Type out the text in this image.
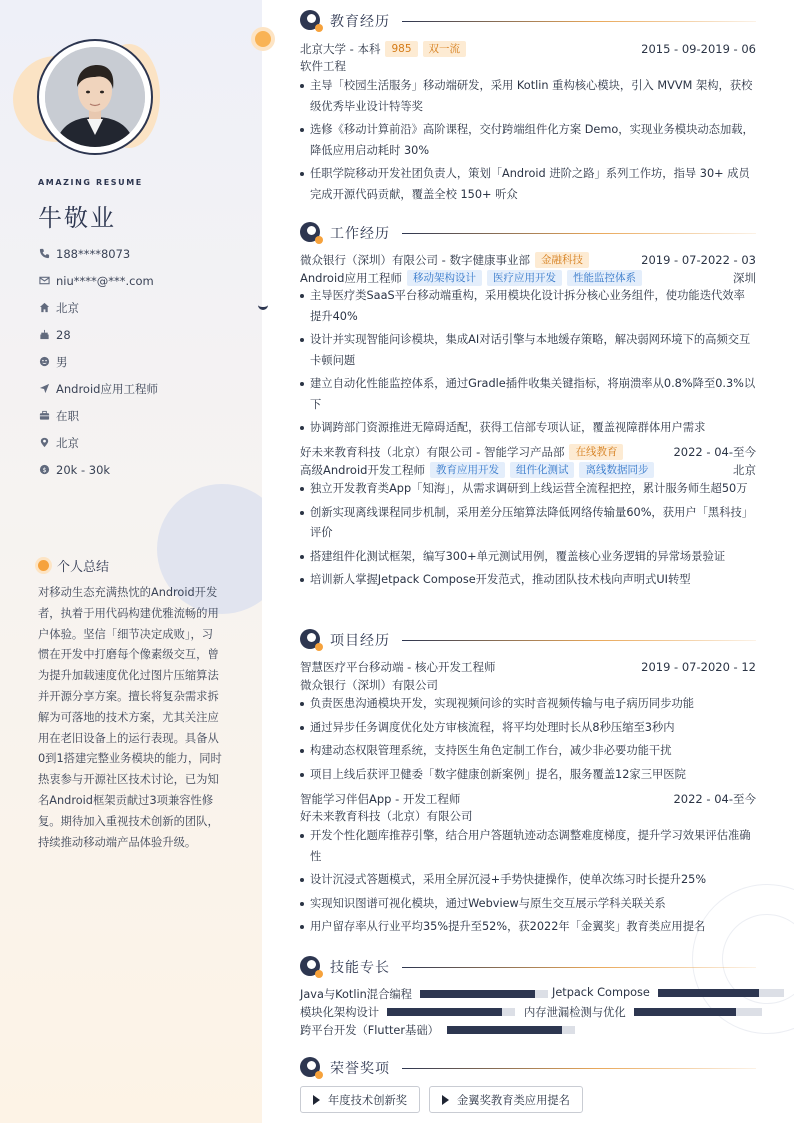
AMAZING RESUME
牛敬业
188****8073
niu****@***.com
北京
28
男
Android应用工程师
在职
北京
$ 20k - 30k
个人总结
对移动生态充满热忱的Android开发者，执着于用代码构建优雅流畅的用户体验。坚信「细节决定成败」，习惯在开发中打磨每个像素级交互，曾为提升加载速度优化过图片压缩算法并开源分享方案。擅长将复杂需求拆解为可落地的技术方案，尤其关注应用在老旧设备上的运行表现。具备从0到1搭建完整业务模块的能力，同时热衷参与开源社区技术讨论，已为知名Android框架贡献过3项兼容性修复。期待加入重视技术创新的团队，持续推动移动端产品体验升级。
教育经历
北京大学 - 本科	985	双一流	2015 - 09-2019 - 06
软件工程
主导「校园生活服务」移动端研发，采用 Kotlin 重构核心模块，引入 MVVM 架构，获校级优秀毕业设计特等奖
选修《移动计算前沿》高阶课程，交付跨端组件化方案 Demo，实现业务模块动态加载，降低应用启动耗时 30%
任职学院移动开发社团负责人，策划「Android 进阶之路」系列工作坊，指导 30+ 成员完成开源代码贡献，覆盖全校 150+ 听众
工作经历
微众银行（深圳）有限公司 - 数字健康事业部	金融科技	2019 - 07-2022 - 03
Android应用工程师	移动架构设计	医疗应用开发	性能监控体系	深圳
主导医疗类SaaS平台移动端重构，采用模块化设计拆分核心业务组件，使功能迭代效率提升40%
设计并实现智能问诊模块，集成AI对话引擎与本地缓存策略，解决弱网环境下的高频交互卡顿问题
建立自动化性能监控体系，通过Gradle插件收集关键指标，将崩溃率从0.8%降至0.3%以下
协调跨部门资源推进无障碍适配，获得工信部专项认证，覆盖视障群体用户需求
好未来教育科技（北京）有限公司 - 智能学习产品部	在线教育	2022 - 04-至今
高级Android开发工程师	教育应用开发	组件化测试	离线数据同步	北京
独立开发教育类App「知海」，从需求调研到上线运营全流程把控，累计服务师生超50万
创新实现离线课程同步机制，采用差分压缩算法降低网络传输量60%，获用户「黑科技」评价
搭建组件化测试框架，编写300+单元测试用例，覆盖核心业务逻辑的异常场景验证
培训新人掌握Jetpack Compose开发范式，推动团队技术栈向声明式UI转型
项目经历
智慧医疗平台移动端 - 核心开发工程师	2019 - 07-2020 - 12
微众银行（深圳）有限公司
负责医患沟通模块开发，实现视频问诊的实时音视频传输与电子病历同步功能
通过异步任务调度优化处方审核流程，将平均处理时长从8秒压缩至3秒内
构建动态权限管理系统，支持医生角色定制工作台，减少非必要功能干扰
项目上线后获评卫健委「数字健康创新案例」提名，服务覆盖12家三甲医院
智能学习伴侣App - 开发工程师	2022 - 04-至今
好未来教育科技（北京）有限公司
开发个性化题库推荐引擎，结合用户答题轨迹动态调整难度梯度，提升学习效果评估准确性
设计沉浸式答题模式，采用全屏沉浸+手势快捷操作，使单次练习时长提升25%
实现知识图谱可视化模块，通过Webview与原生交互展示学科关联关系
用户留存率从行业平均35%提升至52%，获2022年「金翼奖」教育类应用提名
技能专长
Java与Kotlin混合编程	Jetpack Compose
模块化架构设计	内存泄漏检测与优化
跨平台开发（Flutter基础）
荣誉奖项
年度技术创新奖	金翼奖教育类应用提名
